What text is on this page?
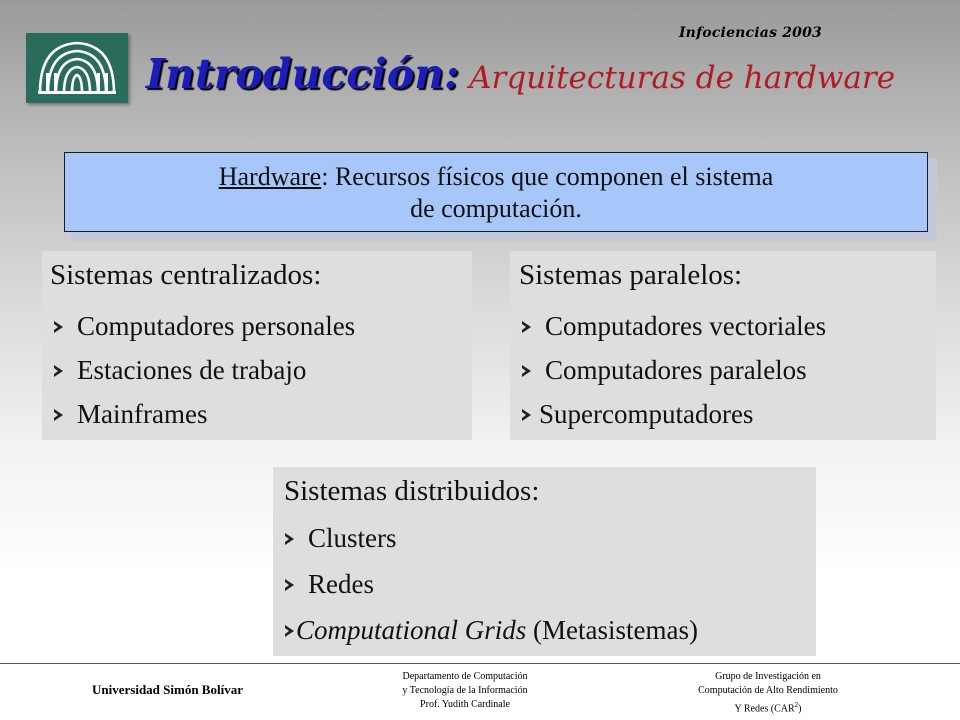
Infociencias 2003
Introducción: Arquitecturas de hardware
Hardware: Recursos físicos que componen el sistema
de computación.
Sistemas centralizados:
Computadores personales
Estaciones de trabajo
Mainframes
Sistemas paralelos:
Computadores vectoriales
Computadores paralelos
Supercomputadores
Sistemas distribuidos:
Clusters
Redes
Computational Grids (Metasistemas)
Universidad Simón Bolívar
Departamento de Computación
y Tecnología de la Información
Prof. Yudith Cardinale
Grupo de Investigación en
Computación de Alto Rendimiento
Y Redes (CAR$^2$)
